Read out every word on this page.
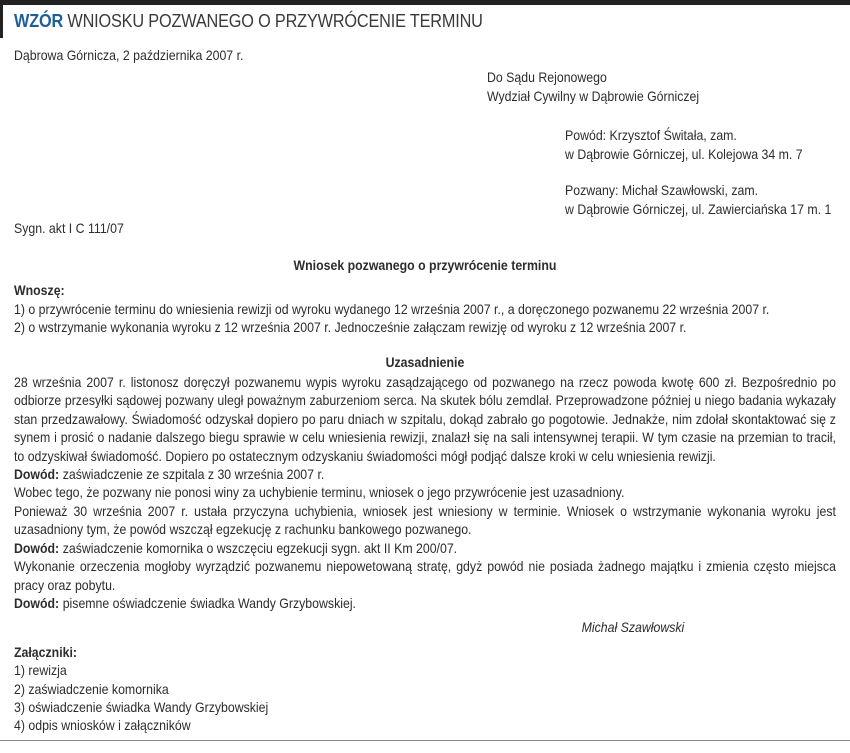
WZÓR WNIOSKU POZWANEGO O PRZYWRÓCENIE TERMINU
Dąbrowa Górnicza, 2 października 2007 r.
Do Sądu Rejonowego
Wydział Cywilny w Dąbrowie Górniczej
Powód: Krzysztof Świtała, zam.
w Dąbrowie Górniczej, ul. Kolejowa 34 m. 7
Pozwany: Michał Szawłowski, zam.
w Dąbrowie Górniczej, ul. Zawierciańska 17 m. 1
Sygn. akt I C 111/07
Wniosek pozwanego o przywrócenie terminu
Wnoszę:
1) o przywrócenie terminu do wniesienia rewizji od wyroku wydanego 12 września 2007 r., a doręczonego pozwanemu 22 września 2007 r.
2) o wstrzymanie wykonania wyroku z 12 września 2007 r. Jednocześnie załączam rewizję od wyroku z 12 września 2007 r.
Uzasadnienie

28 września 2007 r. listonosz doręczył pozwanemu wypis wyroku zasądzającego od pozwanego na rzecz powoda kwotę 600 zł. Bezpośrednio po odbiorze przesyłki sądowej pozwany uległ poważnym zaburzeniom serca. Na skutek bólu zemdlał. Przeprowadzone później u niego badania wykazały stan przedzawałowy. Świadomość odzyskał dopiero po paru dniach w szpitalu, dokąd zabrało go pogotowie. Jednakże, nim zdołał skontaktować się z synem i prosić o nadanie dalszego biegu sprawie w celu wniesienia rewizji, znalazł się na sali intensywnej terapii. W tym czasie na przemian to tracił, to odzyskiwał świadomość. Dopiero po ostatecznym odzyskaniu świadomości mógł podjąć dalsze kroki w celu wniesienia rewizji.

Dowód: zaświadczenie ze szpitala z 30 września 2007 r.

Wobec tego, że pozwany nie ponosi winy za uchybienie terminu, wniosek o jego przywrócenie jest uzasadniony.

Ponieważ 30 września 2007 r. ustała przyczyna uchybienia, wniosek jest wniesiony w terminie. Wniosek o wstrzymanie wykonania wyroku jest uzasadniony tym, że powód wszczął egzekucję z rachunku bankowego pozwanego.

Dowód: zaświadczenie komornika o wszczęciu egzekucji sygn. akt II Km 200/07.

Wykonanie orzeczenia mogłoby wyrządzić pozwanemu niepowetowaną stratę, gdyż powód nie posiada żadnego majątku i zmienia często miejsca pracy oraz pobytu.

Dowód: pisemne oświadczenie świadka Wandy Grzybowskiej.
Michał Szawłowski
Załączniki:
1) rewizja
2) zaświadczenie komornika
3) oświadczenie świadka Wandy Grzybowskiej
4) odpis wniosków i załączników
